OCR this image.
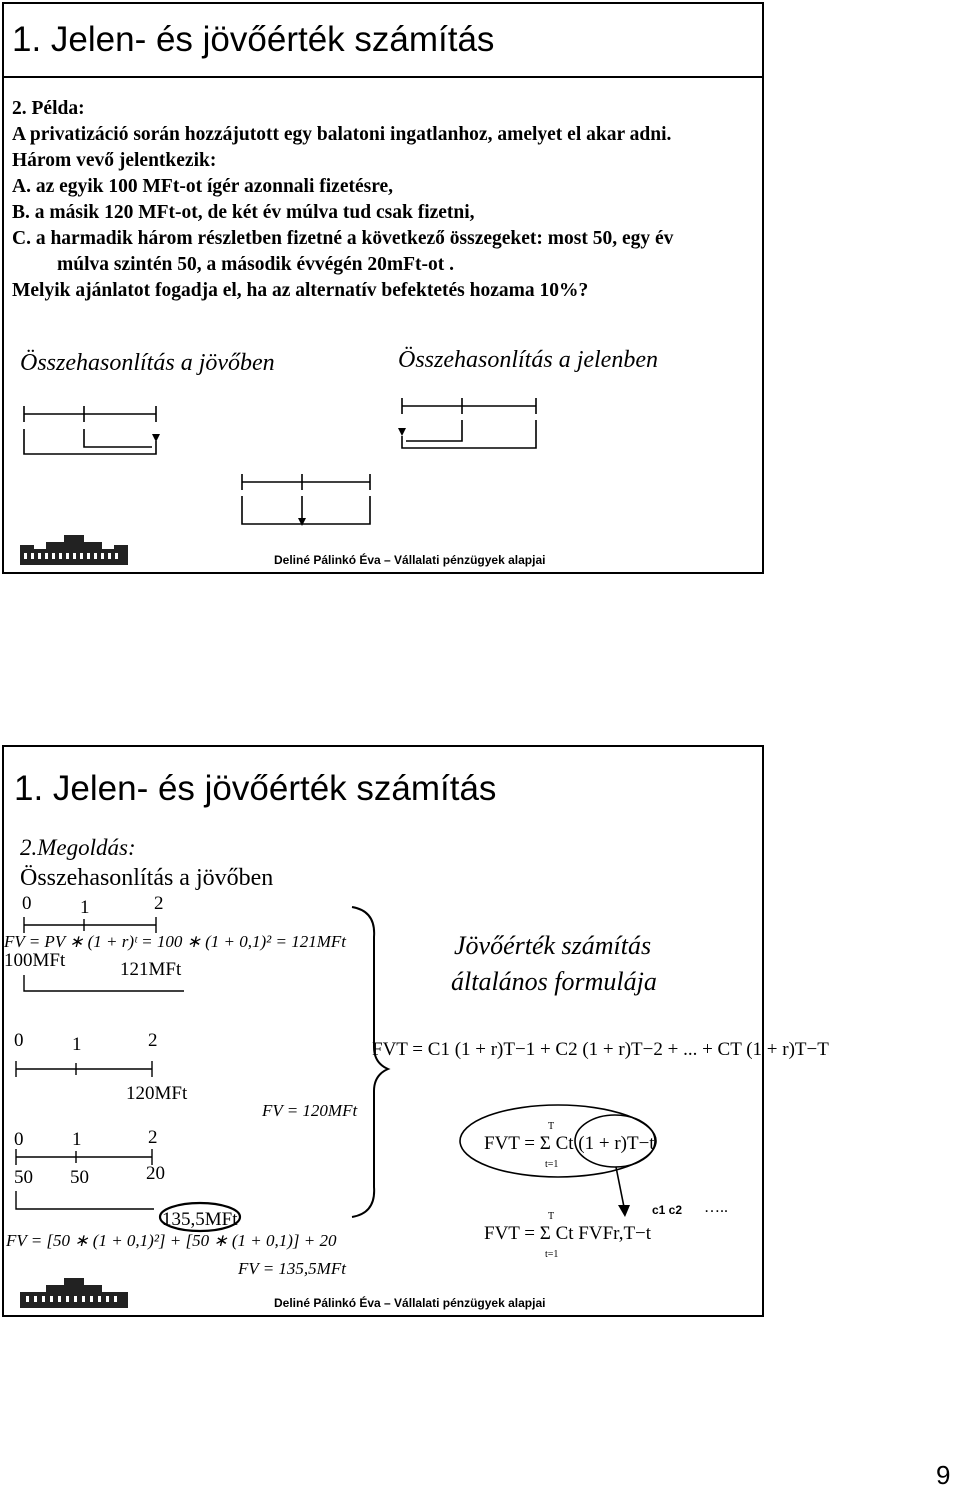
1. Jelen- és jövőérték számítás
2. Példa:
A privatizáció során hozzájutott egy balatoni ingatlanhoz, amelyet el akar adni.
Három vevő jelentkezik:
A. az egyik 100 MFt-ot ígér azonnali fizetésre,
B. a másik 120 MFt-ot, de két év múlva tud csak fizetni,
C. a harmadik három részletben fizetné a következő összegeket: most 50, egy év
múlva szintén 50, a második évvégén 20mFt-ot .
Melyik ajánlatot fogadja el, ha az alternatív befektetés hozama 10%?
Összehasonlítás a jövőben	Összehasonlítás a jelenben
Deliné Pálinkó Éva – Vállalati pénzügyek alapjai
1. Jelen- és jövőérték számítás
2.Megoldás:
Összehasonlítás a jövőben
0	1	2
FV = PV ∗ (1 + r)ᵗ = 100 ∗ (1 + 0,1)² = 121MFt
100MFt	121MFt
Jövőérték számítás
általános formulája
0	1	2
120MFt
FV = 120MFt
FVT = C1 (1 + r)T−1 + C2 (1 + r)T−2 + ... + CT (1 + r)T−T
0	1	2
50 50	20
135,5MFt
FV = [50 ∗ (1 + 0,1)²] + [50 ∗ (1 + 0,1)] + 20
FV = 135,5MFt
FVT = Σ Ct (1 + r)T−t
T
t=1
FVT = Σ Ct FVFr,T−t
T
t=1
c1 c2 …..
Deliné Pálinkó Éva – Vállalati pénzügyek alapjai
9
